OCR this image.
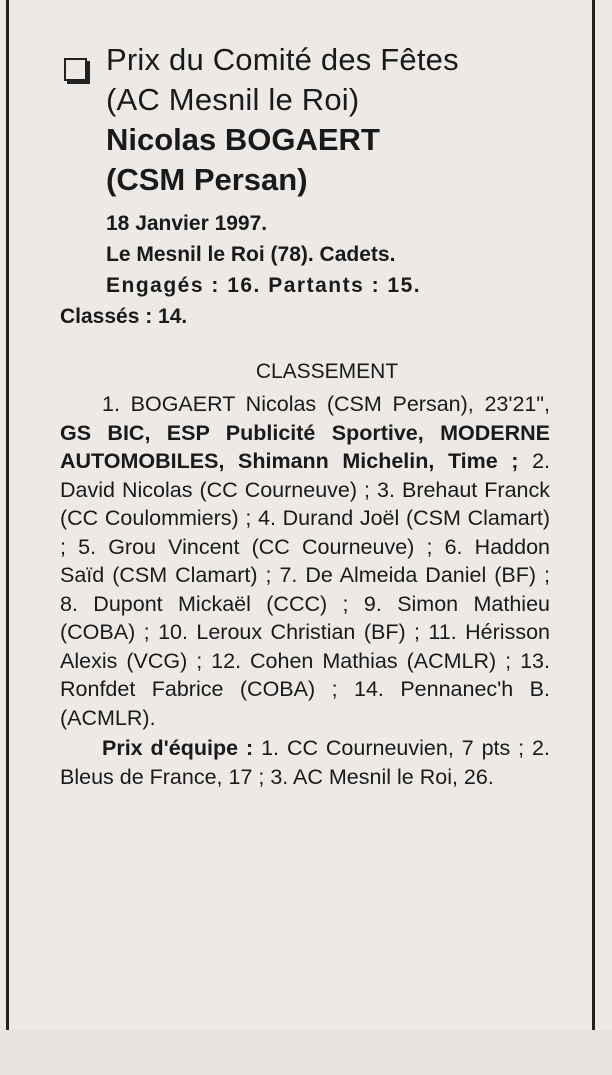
Prix du Comité des Fêtes
(AC Mesnil le Roi)
Nicolas BOGAERT
(CSM Persan)
18 Janvier 1997.
Le Mesnil le Roi (78). Cadets.
Engagés : 16. Partants : 15.
Classés : 14.
CLASSEMENT
1. BOGAERT Nicolas (CSM Persan), 23'21", GS BIC, ESP Publicité Sportive, MODERNE AUTOMOBILES, Shimann Michelin, Time ; 2. David Nicolas (CC Courneuve) ; 3. Brehaut Franck (CC Coulommiers) ; 4. Durand Joël (CSM Clamart) ; 5. Grou Vincent (CC Courneuve) ; 6. Haddon Saïd (CSM Clamart) ; 7. De Almeida Daniel (BF) ; 8. Dupont Mickaël (CCC) ; 9. Simon Mathieu (COBA) ; 10. Leroux Christian (BF) ; 11. Hérisson Alexis (VCG) ; 12. Cohen Mathias (ACMLR) ; 13. Ronfdet Fabrice (COBA) ; 14. Pennanec'h B. (ACMLR).
Prix d'équipe : 1. CC Courneuvien, 7 pts ; 2. Bleus de France, 17 ; 3. AC Mesnil le Roi, 26.
